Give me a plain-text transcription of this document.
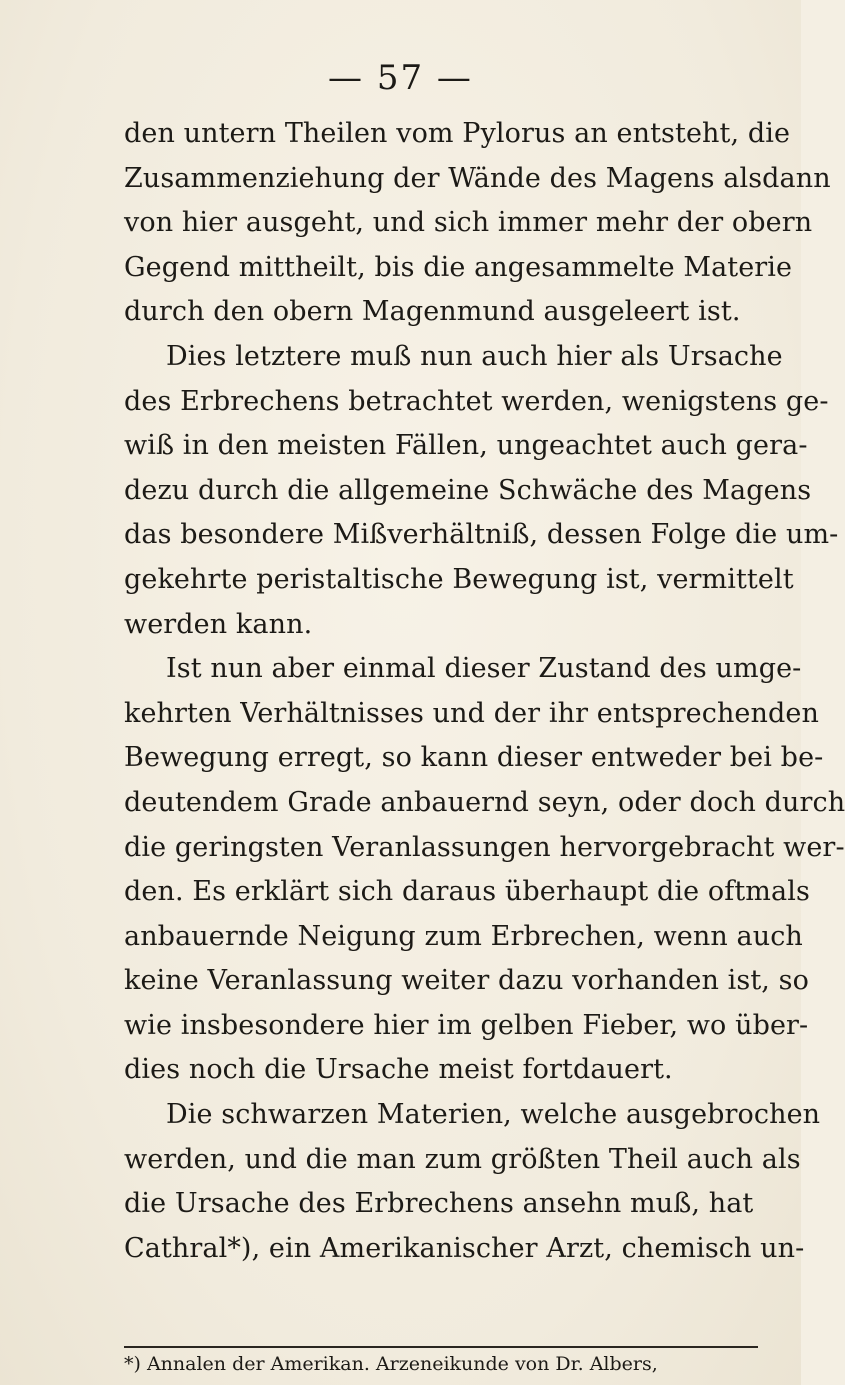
— 57 —
den untern Theilen vom Pylorus an entsteht, die
Zusammenziehung der Wände des Magens alsdann
von hier ausgeht, und sich immer mehr der obern
Gegend mittheilt, bis die angesammelte Materie
durch den obern Magenmund ausgeleert ist.
Dies letztere muß nun auch hier als Ursache
des Erbrechens betrachtet werden, wenigstens ge-
wiß in den meisten Fällen, ungeachtet auch gera-
dezu durch die allgemeine Schwäche des Magens
das besondere Mißverhältniß, dessen Folge die um-
gekehrte peristaltische Bewegung ist, vermittelt
werden kann.
Ist nun aber einmal dieser Zustand des umge-
kehrten Verhältnisses und der ihr entsprechenden
Bewegung erregt, so kann dieser entweder bei be-
deutendem Grade anbauernd seyn, oder doch durch
die geringsten Veranlassungen hervorgebracht wer-
den. Es erklärt sich daraus überhaupt die oftmals
anbauernde Neigung zum Erbrechen, wenn auch
keine Veranlassung weiter dazu vorhanden ist, so
wie insbesondere hier im gelben Fieber, wo über-
dies noch die Ursache meist fortdauert.
Die schwarzen Materien, welche ausgebrochen
werden, und die man zum größten Theil auch als
die Ursache des Erbrechens ansehn muß, hat
Cathral*), ein Amerikanischer Arzt, chemisch un-
*) Annalen der Amerikan. Arzeneikunde von Dr. Albers,
